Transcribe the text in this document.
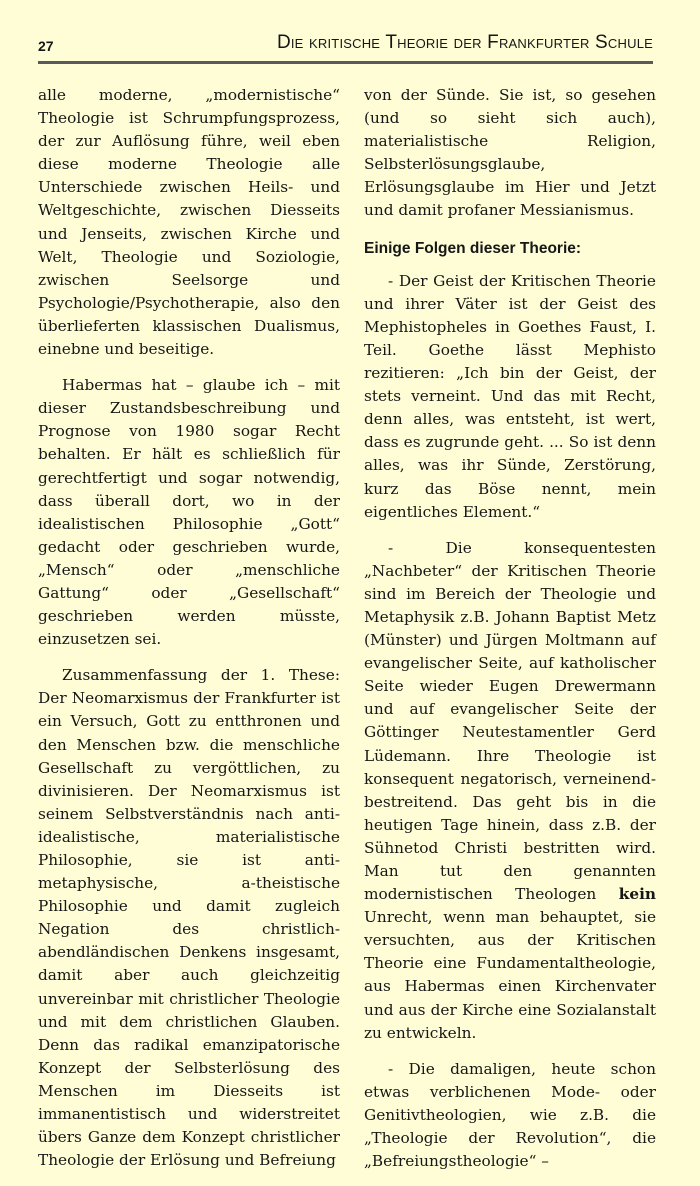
27	Die kritische Theorie der Frankfurter Schule

alle moderne, „modernistische“ Theologie ist Schrumpfungsprozess, der zur Auflösung führe, weil eben diese moderne Theologie alle Unterschiede zwischen Heils- und Weltgeschichte, zwischen Diesseits und Jenseits, zwischen Kirche und Welt, Theologie und Soziologie, zwischen Seelsorge und Psychologie/Psychotherapie, also den überlieferten klassischen Dualismus, einebne und beseitige.

Habermas hat – glaube ich – mit dieser Zustandsbeschreibung und Prognose von 1980 sogar Recht behalten. Er hält es schließlich für gerechtfertigt und sogar notwendig, dass überall dort, wo in der idealistischen Philosophie „Gott“ gedacht oder geschrieben wurde, „Mensch“ oder „menschliche Gattung“ oder „Gesellschaft“ geschrieben werden müsste, einzusetzen sei.

Zusammenfassung der 1. These: Der Neomarxismus der Frankfurter ist ein Versuch, Gott zu entthronen und den Menschen bzw. die menschliche Gesellschaft zu vergöttlichen, zu divinisieren. Der Neomarxismus ist seinem Selbstverständnis nach anti-idealistische, materialistische Philosophie, sie ist anti-metaphysische, a-theistische Philosophie und damit zugleich Negation des christlich-abendländischen Denkens insgesamt, damit aber auch gleichzeitig unvereinbar mit christlicher Theologie und mit dem christlichen Glauben. Denn das radikal emanzipatorische Konzept der Selbsterlösung des Menschen im Diesseits ist immanentistisch und widerstreitet übers Ganze dem Konzept christlicher Theologie der Erlösung und Befreiung

von der Sünde. Sie ist, so gesehen (und so sieht sich auch), materialistische Religion, Selbsterlösungsglaube, Erlösungsglaube im Hier und Jetzt und damit profaner Messianismus.

Einige Folgen dieser Theorie:

- Der Geist der Kritischen Theorie und ihrer Väter ist der Geist des Mephistopheles in Goethes Faust, I. Teil. Goethe lässt Mephisto rezitieren: „Ich bin der Geist, der stets verneint. Und das mit Recht, denn alles, was entsteht, ist wert, dass es zugrunde geht. ... So ist denn alles, was ihr Sünde, Zerstörung, kurz das Böse nennt, mein eigentliches Element.“

- Die konsequentesten „Nachbeter“ der Kritischen Theorie sind im Bereich der Theologie und Metaphysik z.B. Johann Baptist Metz (Münster) und Jürgen Moltmann auf evangelischer Seite, auf katholischer Seite wieder Eugen Drewermann und auf evangelischer Seite der Göttinger Neutestamentler Gerd Lüdemann. Ihre Theologie ist konsequent negatorisch, verneinend-bestreitend. Das geht bis in die heutigen Tage hinein, dass z.B. der Sühnetod Christi bestritten wird. Man tut den genannten modernistischen Theologen kein Unrecht, wenn man behauptet, sie versuchten, aus der Kritischen Theorie eine Fundamentaltheologie, aus Habermas einen Kirchenvater und aus der Kirche eine Sozialanstalt zu entwickeln.

- Die damaligen, heute schon etwas verblichenen Mode- oder Genitivtheologien, wie z.B. die „Theologie der Revolution“, die „Befreiungstheologie“ –
